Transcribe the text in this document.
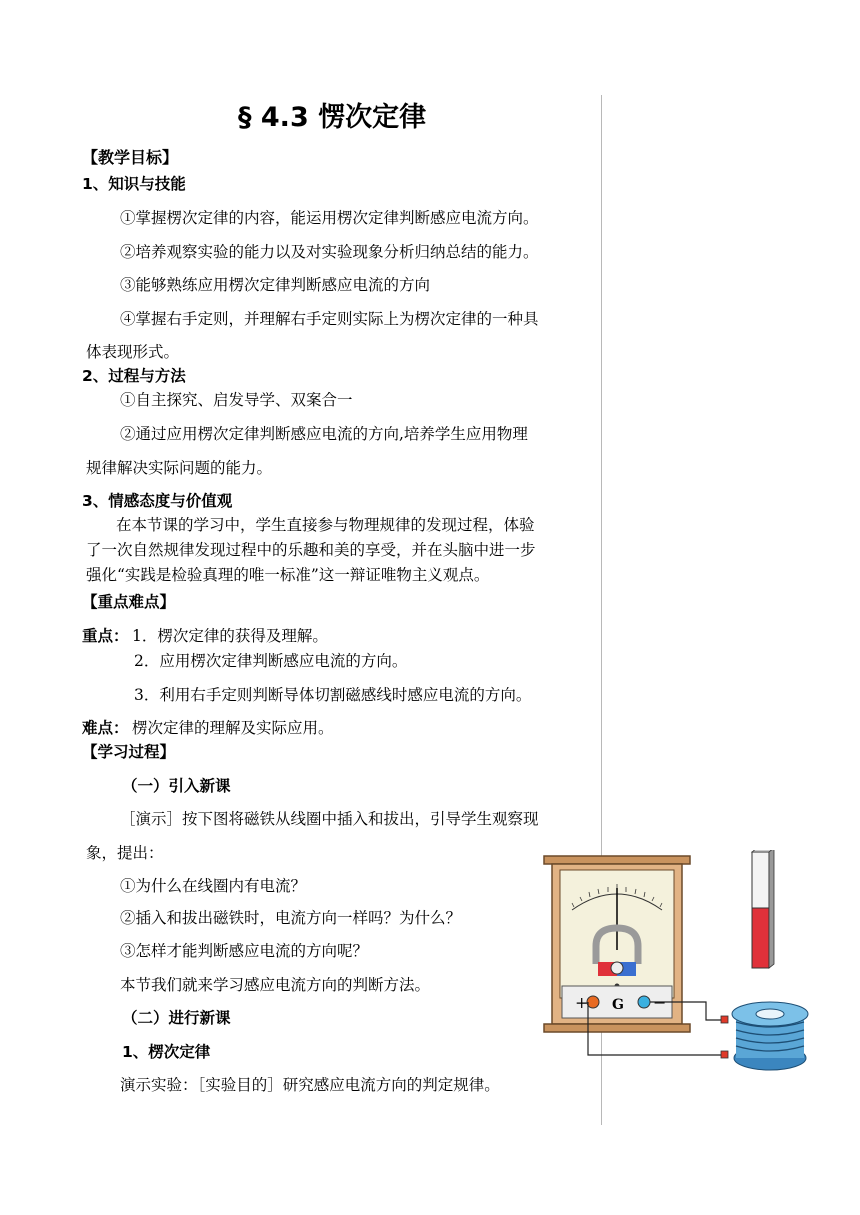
§ 4.3 愣次定律
【教学目标】
1、知识与技能
①掌握楞次定律的内容，能运用楞次定律判断感应电流方向。
②培养观察实验的能力以及对实验现象分析归纳总结的能力。
③能够熟练应用楞次定律判断感应电流的方向
④掌握右手定则，并理解右手定则实际上为楞次定律的一种具
体表现形式。
2、过程与方法
①自主探究、启发导学、双案合一
②通过应用楞次定律判断感应电流的方向,培养学生应用物理
规律解决实际问题的能力。
3、情感态度与价值观
在本节课的学习中，学生直接参与物理规律的发现过程，体验
了一次自然规律发现过程中的乐趣和美的享受，并在头脑中进一步
强化“实践是检验真理的唯一标准”这一辩证唯物主义观点。
【重点难点】
重点： 1．楞次定律的获得及理解。
2．应用楞次定律判断感应电流的方向。
3．利用右手定则判断导体切割磁感线时感应电流的方向。
难点： 楞次定律的理解及实际应用。
【学习过程】
（一）引入新课
［演示］按下图将磁铁从线圈中插入和拔出，引导学生观察现
象，提出：
①为什么在线圈内有电流？
②插入和拔出磁铁时，电流方向一样吗？为什么？
③怎样才能判断感应电流的方向呢？
本节我们就来学习感应电流方向的判断方法。
（二）进行新课
1、楞次定律
演示实验：［实验目的］研究感应电流方向的判定规律。
+	−
G
